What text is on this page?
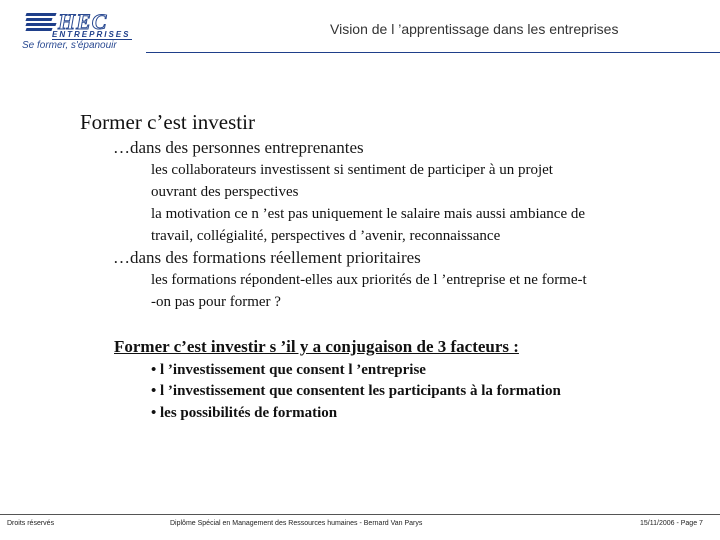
HEC
ENTREPRISES
Se former, s'épanouir
Vision de l ’apprentissage dans les entreprises
Former c’est investir
…dans des personnes entreprenantes
les collaborateurs investissent si sentiment de participer à un projet
ouvrant des perspectives
la motivation ce n ’est pas uniquement le salaire mais aussi ambiance de
travail, collégialité, perspectives d ’avenir, reconnaissance
…dans des formations réellement prioritaires
les formations répondent-elles aux priorités de l ’entreprise et ne forme-t
-on pas pour former ?
Former c’est investir s ’il y a conjugaison de 3 facteurs :
• l ’investissement que consent l ’entreprise
• l ’investissement que consentent les participants à la formation
• les possibilités de formation
Droits réservés	Diplôme Spécial en Management des Ressources humaines - Bernard Van Parys	15/11/2006 - Page 7
